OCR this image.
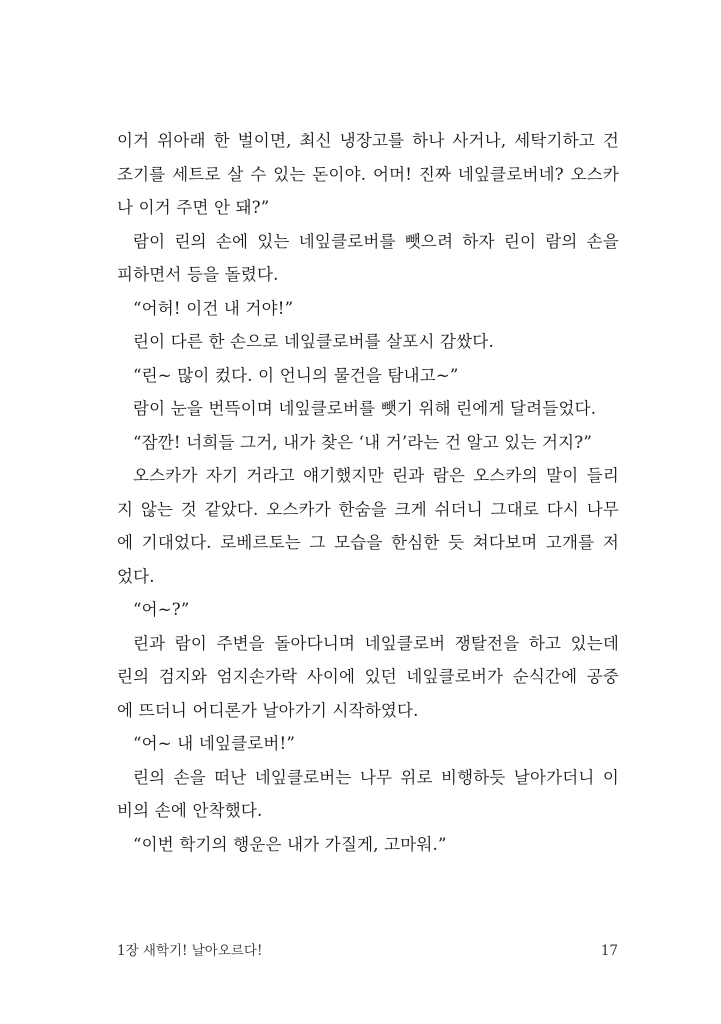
이거 위아래 한 벌이면, 최신 냉장고를 하나 사거나, 세탁기하고 건
조기를 세트로 살 수 있는 돈이야. 어머! 진짜 네잎클로버네? 오스카
나 이거 주면 안 돼?”
람이 린의 손에 있는 네잎클로버를 뺏으려 하자 린이 람의 손을
피하면서 등을 돌렸다.
“어허! 이건 내 거야!”
린이 다른 한 손으로 네잎클로버를 살포시 감쌌다.
“린~ 많이 컸다. 이 언니의 물건을 탐내고~”
람이 눈을 번뜩이며 네잎클로버를 뺏기 위해 린에게 달려들었다.
“잠깐! 너희들 그거, 내가 찾은 ‘내 거’라는 건 알고 있는 거지?”
오스카가 자기 거라고 얘기했지만 린과 람은 오스카의 말이 들리
지 않는 것 같았다. 오스카가 한숨을 크게 쉬더니 그대로 다시 나무
에 기대었다. 로베르토는 그 모습을 한심한 듯 쳐다보며 고개를 저
었다.
“어~?”
린과 람이 주변을 돌아다니며 네잎클로버 쟁탈전을 하고 있는데
린의 검지와 엄지손가락 사이에 있던 네잎클로버가 순식간에 공중
에 뜨더니 어디론가 날아가기 시작하였다.
“어~ 내 네잎클로버!”
린의 손을 떠난 네잎클로버는 나무 위로 비행하듯 날아가더니 이
비의 손에 안착했다.
“이번 학기의 행운은 내가 가질게, 고마워.”
1장 새학기! 날아오르다!	17
